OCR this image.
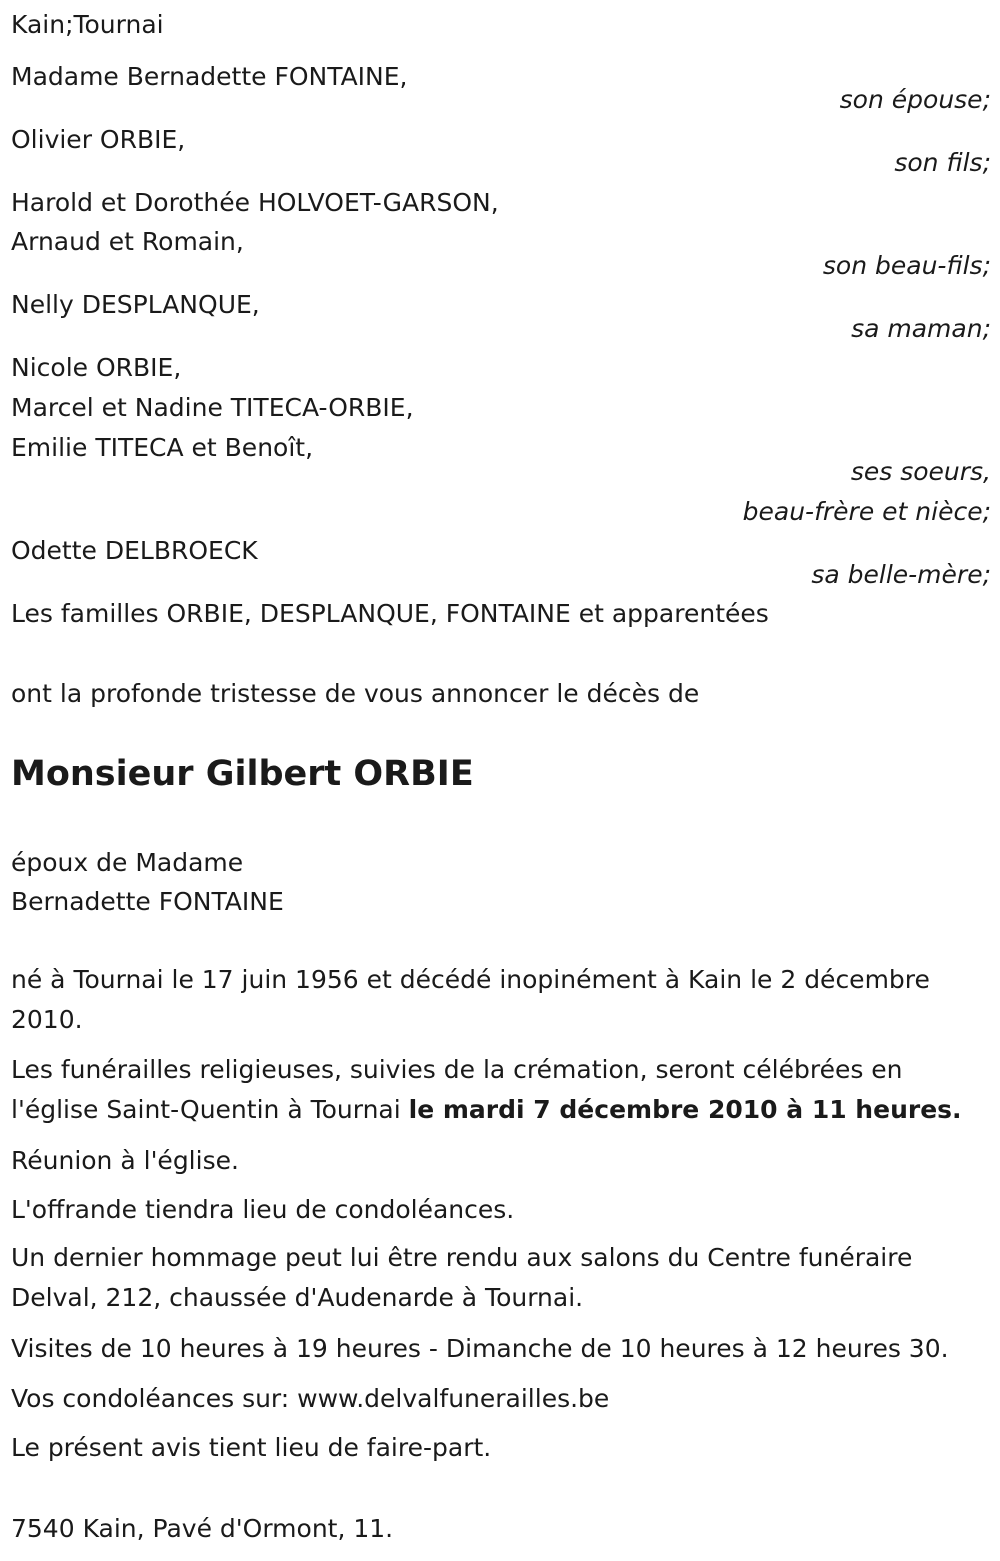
Kain;Tournai
Madame Bernadette FONTAINE,
son épouse;
Olivier ORBIE,
son fils;
Harold et Dorothée HOLVOET-GARSON,
Arnaud et Romain,
son beau-fils;
Nelly DESPLANQUE,
sa maman;
Nicole ORBIE,
Marcel et Nadine TITECA-ORBIE,
Emilie TITECA et Benoît,
ses soeurs,
beau-frère et nièce;
Odette DELBROECK
sa belle-mère;
Les familles ORBIE, DESPLANQUE, FONTAINE et apparentées
ont la profonde tristesse de vous annoncer le décès de
Monsieur Gilbert ORBIE
époux de Madame
Bernadette FONTAINE
né à Tournai le 17 juin 1956 et décédé inopinément à Kain le 2 décembre 2010.
Les funérailles religieuses, suivies de la crémation, seront célébrées en l'église Saint-Quentin à Tournai le mardi 7 décembre 2010 à 11 heures.
Réunion à l'église.
L'offrande tiendra lieu de condoléances.
Un dernier hommage peut lui être rendu aux salons du Centre funéraire Delval, 212, chaussée d'Audenarde à Tournai.
Visites de 10 heures à 19 heures - Dimanche de 10 heures à 12 heures 30.
Vos condoléances sur: www.delvalfunerailles.be
Le présent avis tient lieu de faire-part.
7540 Kain, Pavé d'Ormont, 11.
